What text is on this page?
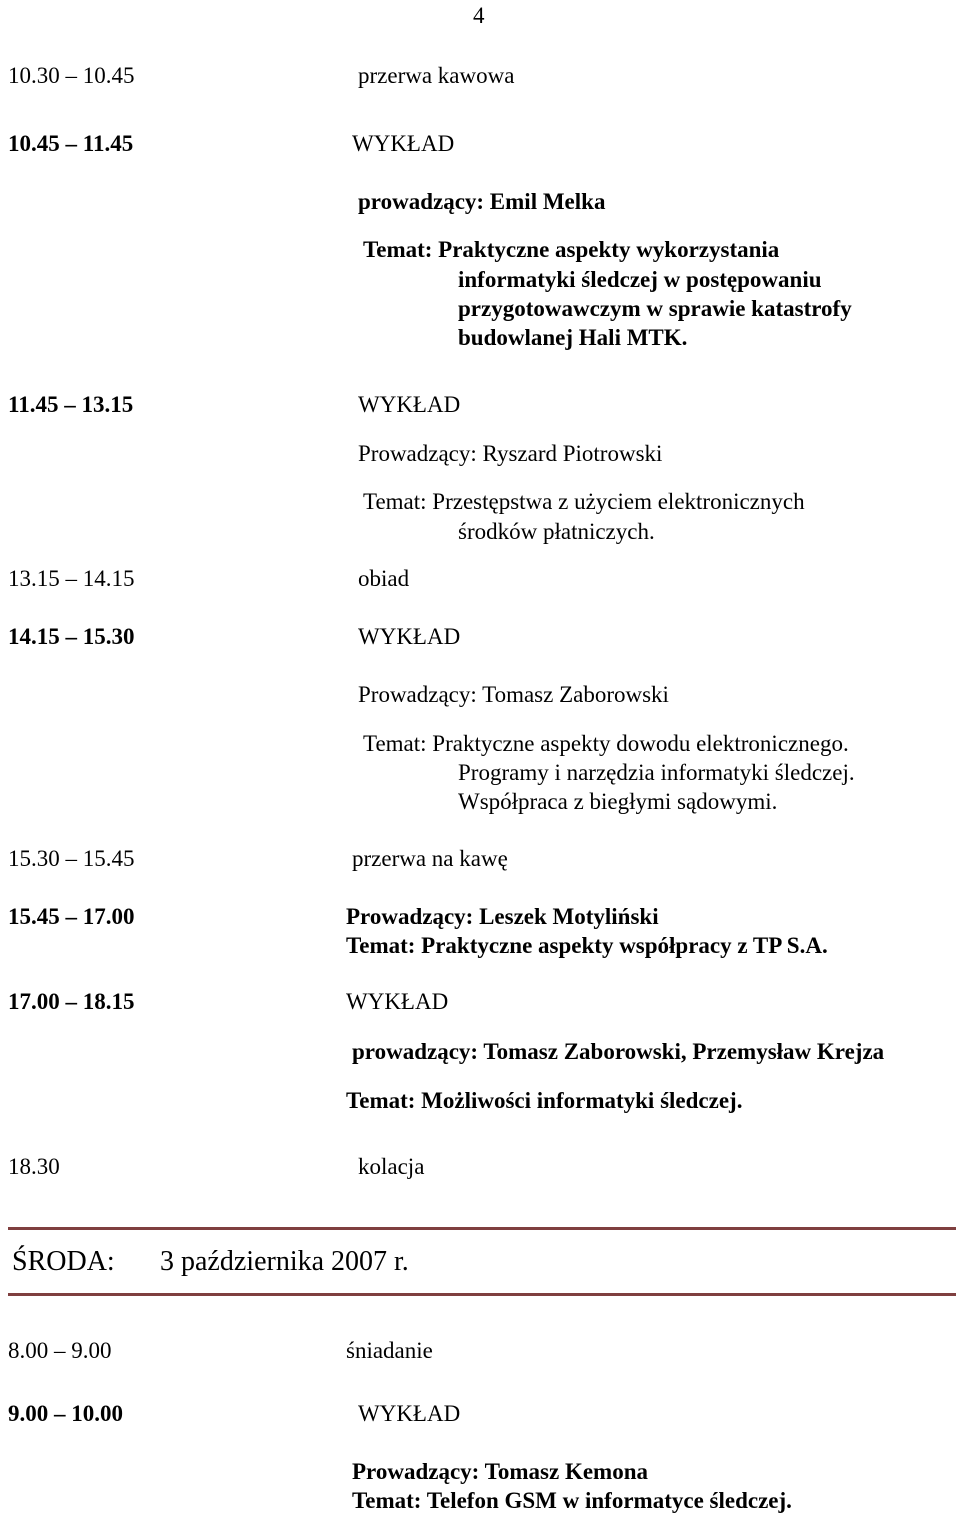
4
10.30 – 10.45	przerwa kawowa
10.45 – 11.45	WYKŁAD
prowadzący: Emil Melka
Temat: Praktyczne aspekty wykorzystania
informatyki śledczej w postępowaniu
przygotowawczym w sprawie katastrofy
budowlanej Hali MTK.
11.45 – 13.15	WYKŁAD
Prowadzący: Ryszard Piotrowski
Temat: Przestępstwa z użyciem elektronicznych
środków płatniczych.
13.15 – 14.15	obiad
14.15 – 15.30	WYKŁAD
Prowadzący: Tomasz Zaborowski
Temat: Praktyczne aspekty dowodu elektronicznego.
Programy i narzędzia informatyki śledczej.
Współpraca z biegłymi sądowymi.
15.30 – 15.45	przerwa na kawę
15.45 – 17.00	Prowadzący: Leszek Motyliński
Temat: Praktyczne aspekty współpracy z TP S.A.
17.00 – 18.15	WYKŁAD
prowadzący: Tomasz Zaborowski, Przemysław Krejza
Temat: Możliwości informatyki śledczej.
18.30	kolacja
ŚRODA: 3 października 2007 r.
8.00 – 9.00	śniadanie
9.00 – 10.00	WYKŁAD
Prowadzący: Tomasz Kemona
Temat: Telefon GSM w informatyce śledczej.
